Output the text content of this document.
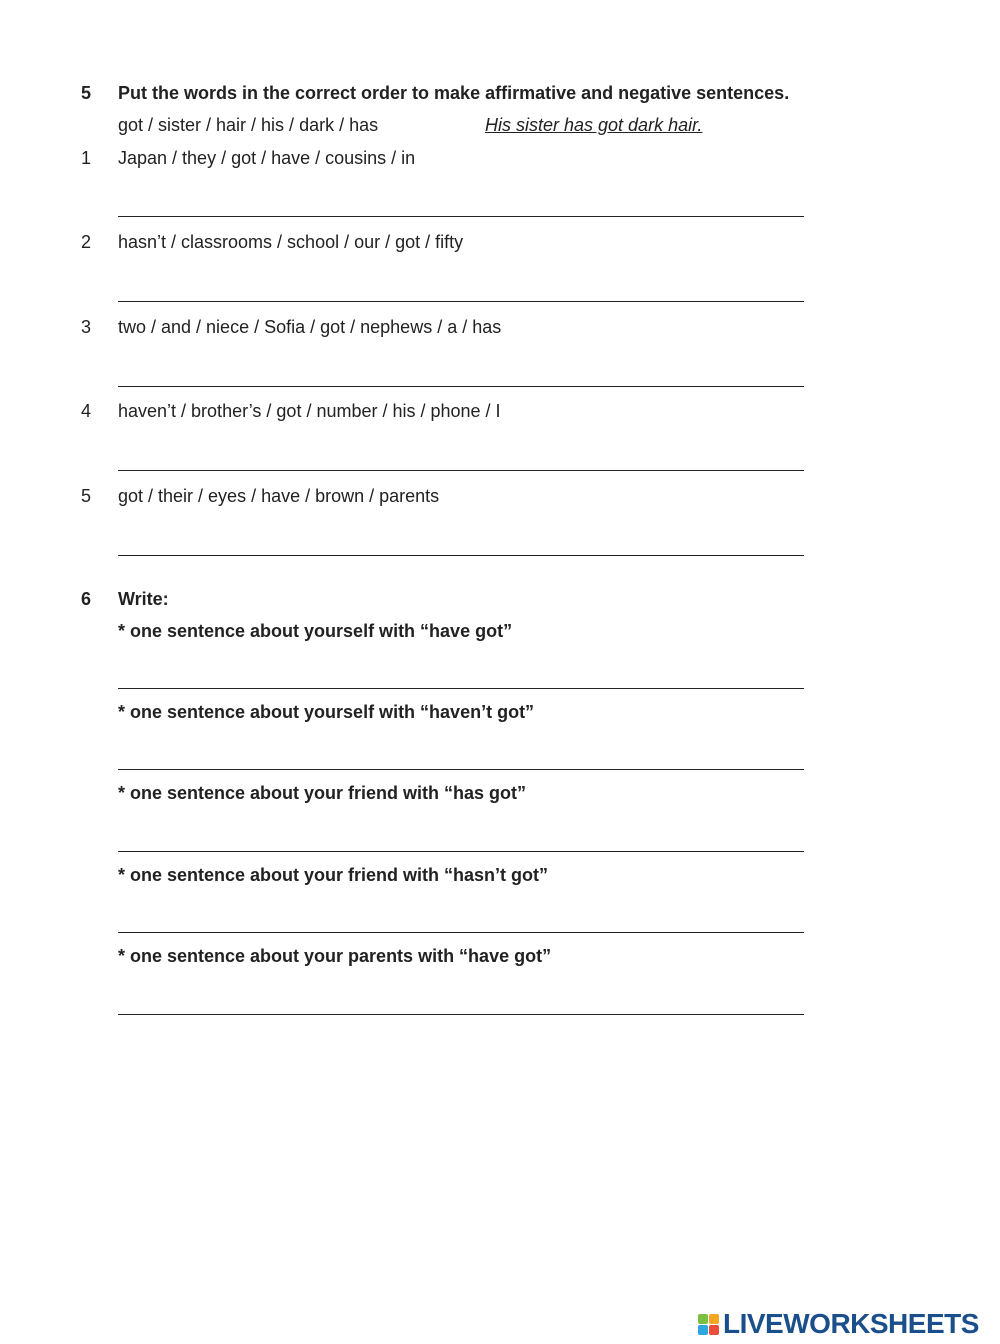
5 Put the words in the correct order to make affirmative and negative sentences.
got / sister / hair / his / dark / has	His sister has got dark hair.
1 Japan / they / got / have / cousins / in
2 hasn’t / classrooms / school / our / got / fifty
3 two / and / niece / Sofia / got / nephews / a / has
4 haven’t / brother’s / got / number / his / phone / I
5 got / their / eyes / have / brown / parents
6 Write:
* one sentence about yourself with “have got”
* one sentence about yourself with “haven’t got”
* one sentence about your friend with “has got”
* one sentence about your friend with “hasn’t got”
* one sentence about your parents with “have got”
LIVEWORKSHEETS
